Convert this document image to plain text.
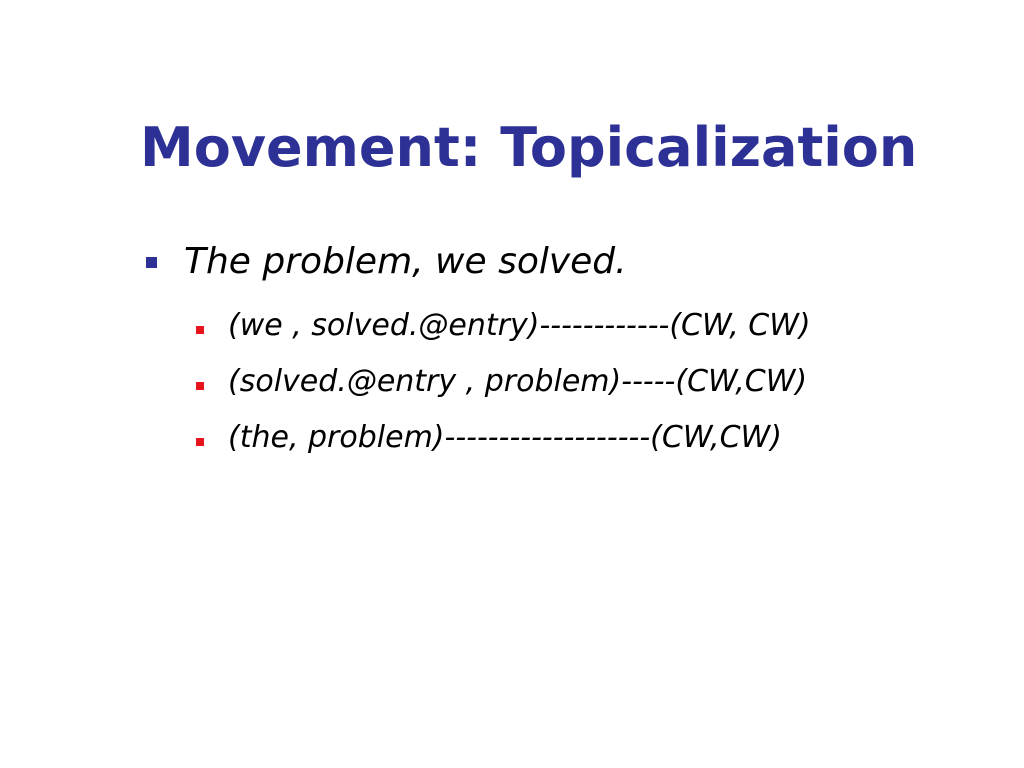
Movement: Topicalization
The problem, we solved.
(we , solved.@entry)------------(CW, CW)
(solved.@entry , problem)-----(CW,CW)
(the, problem)-------------------(CW,CW)
